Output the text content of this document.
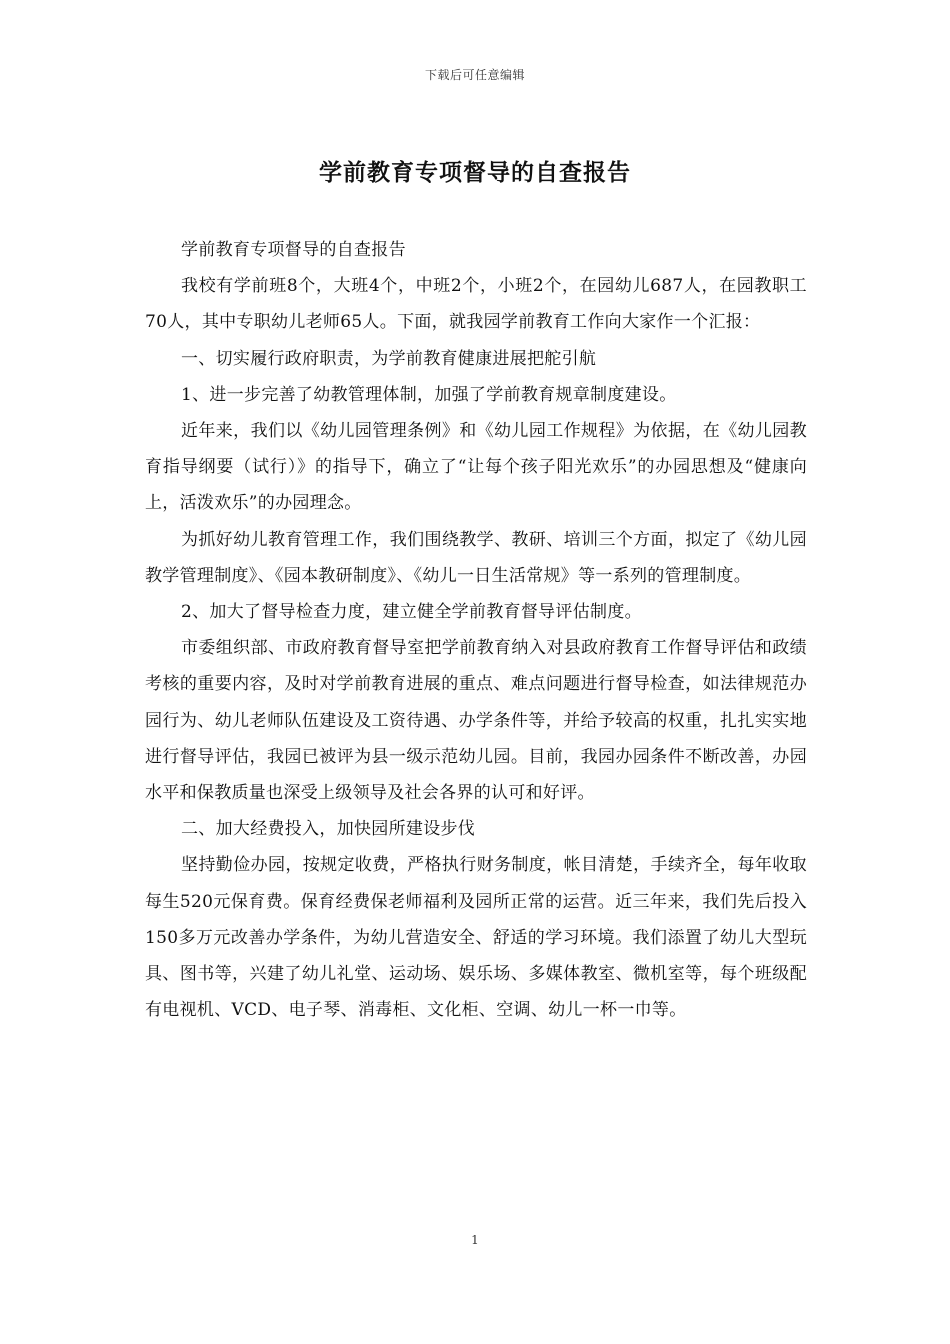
下载后可任意编辑
学前教育专项督导的自查报告

学前教育专项督导的自查报告

我校有学前班8个，大班4个，中班2个，小班2个，在园幼儿687人，在园教职工70人，其中专职幼儿老师65人。下面，就我园学前教育工作向大家作一个汇报：

一、切实履行政府职责，为学前教育健康进展把舵引航

1、进一步完善了幼教管理体制，加强了学前教育规章制度建设。

近年来，我们以《幼儿园管理条例》和《幼儿园工作规程》为依据，在《幼儿园教育指导纲要（试行）》的指导下，确立了“让每个孩子阳光欢乐”的办园思想及“健康向上，活泼欢乐”的办园理念。

为抓好幼儿教育管理工作，我们围绕教学、教研、培训三个方面，拟定了《幼儿园教学管理制度》、《园本教研制度》、《幼儿一日生活常规》等一系列的管理制度。

2、加大了督导检查力度，建立健全学前教育督导评估制度。

市委组织部、市政府教育督导室把学前教育纳入对县政府教育工作督导评估和政绩考核的重要内容，及时对学前教育进展的重点、难点问题进行督导检查，如法律规范办园行为、幼儿老师队伍建设及工资待遇、办学条件等，并给予较高的权重，扎扎实实地进行督导评估，我园已被评为县一级示范幼儿园。目前，我园办园条件不断改善，办园水平和保教质量也深受上级领导及社会各界的认可和好评。

二、加大经费投入，加快园所建设步伐

坚持勤俭办园，按规定收费，严格执行财务制度，帐目清楚，手续齐全，每年收取每生520元保育费。保育经费保老师福利及园所正常的运营。近三年来，我们先后投入150多万元改善办学条件，为幼儿营造安全、舒适的学习环境。我们添置了幼儿大型玩具、图书等，兴建了幼儿礼堂、运动场、娱乐场、多媒体教室、微机室等，每个班级配有电视机、VCD、电子琴、消毒柜、文化柜、空调、幼儿一杯一巾等。

1
